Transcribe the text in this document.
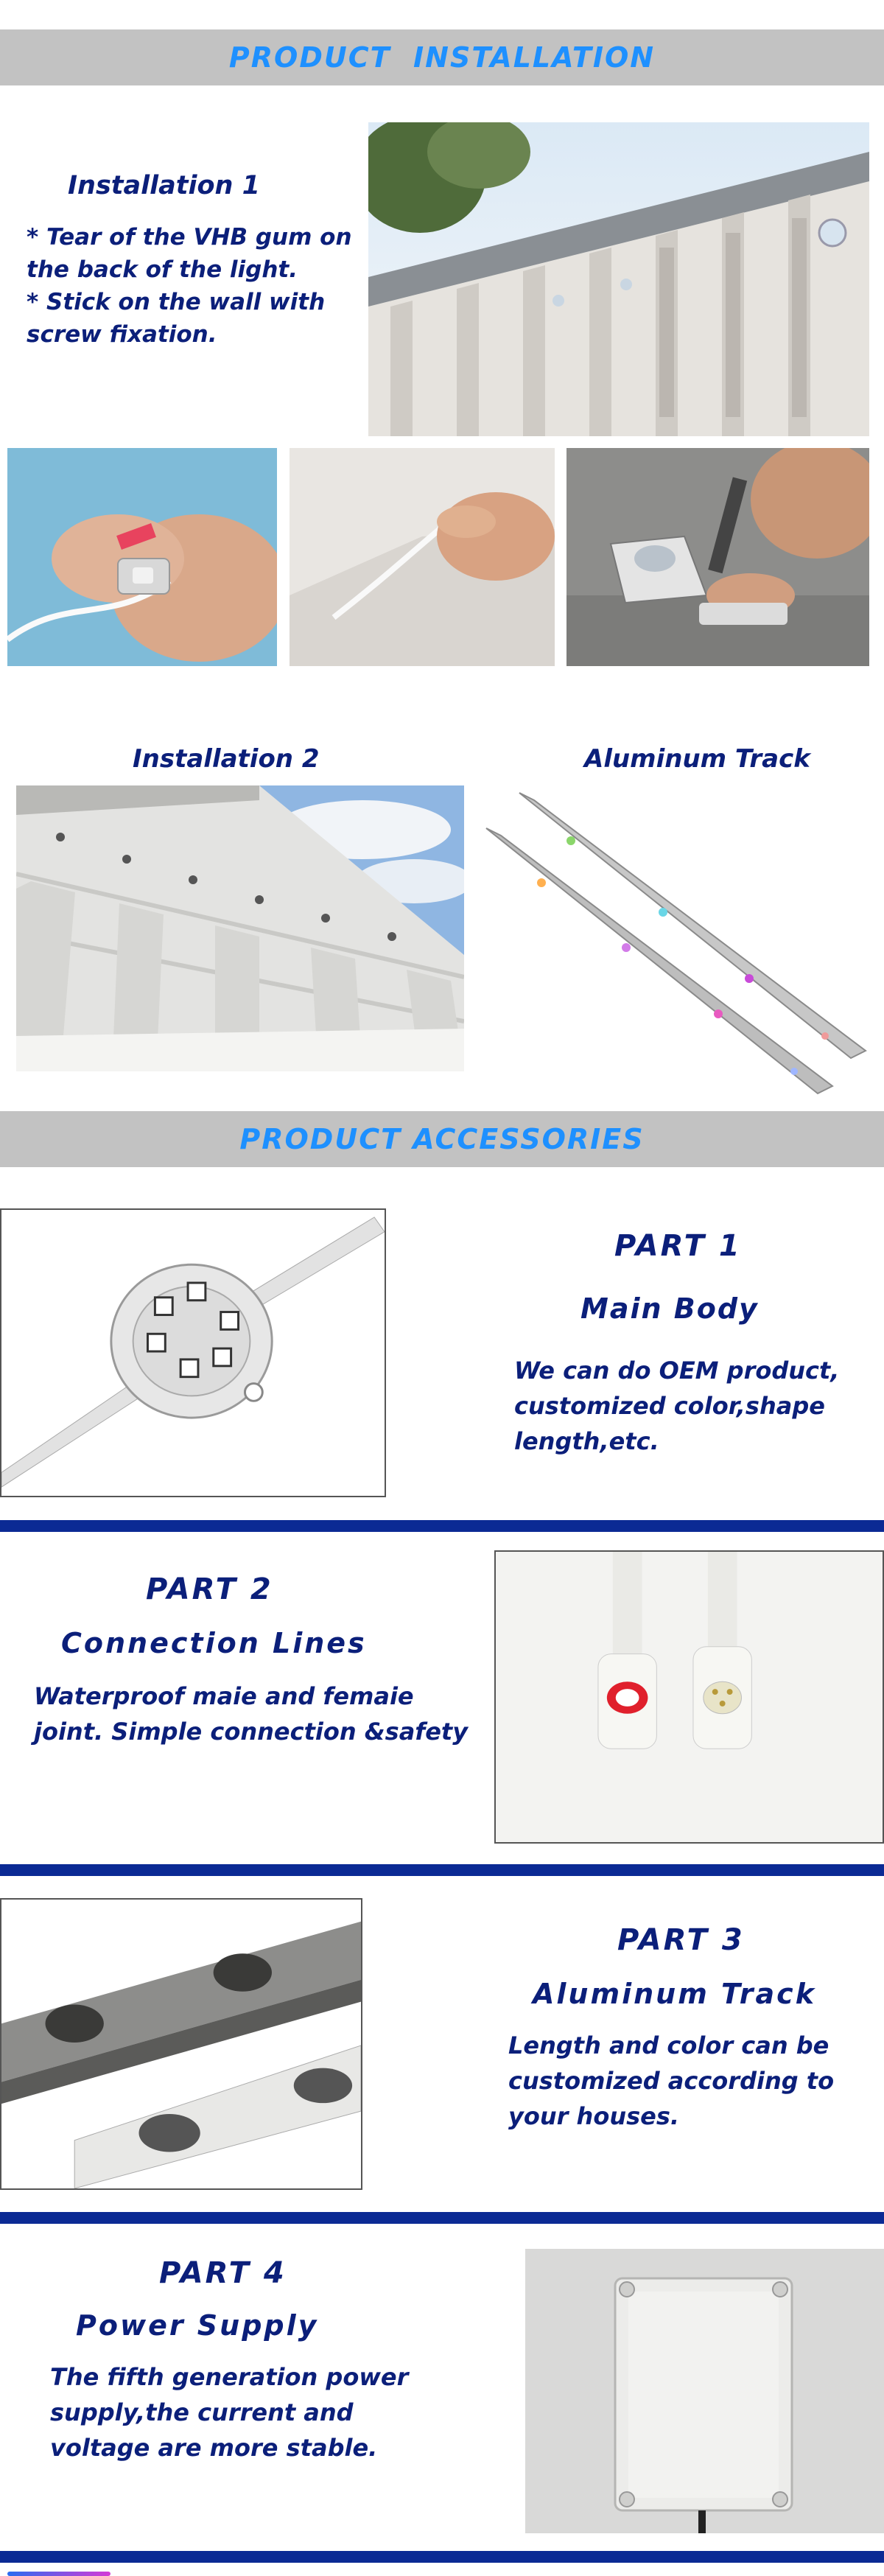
PRODUCT  INSTALLATION
Installation 1
* Tear of the VHB gum on
the back of the light.
* Stick on the wall with
screw fixation.
Installation 2	Aluminum Track
PRODUCT ACCESSORIES
PART 1
Main Body
We can do OEM product,
customized color,shape
length,etc.
PART 2
Connection Lines
Waterproof maie and femaie
joint. Simple connection &safety
PART 3
Aluminum Track
Length and color can be
customized according to
your houses.
PART 4
Power Supply
The fifth generation power
supply,the current and
voltage are more stable.
